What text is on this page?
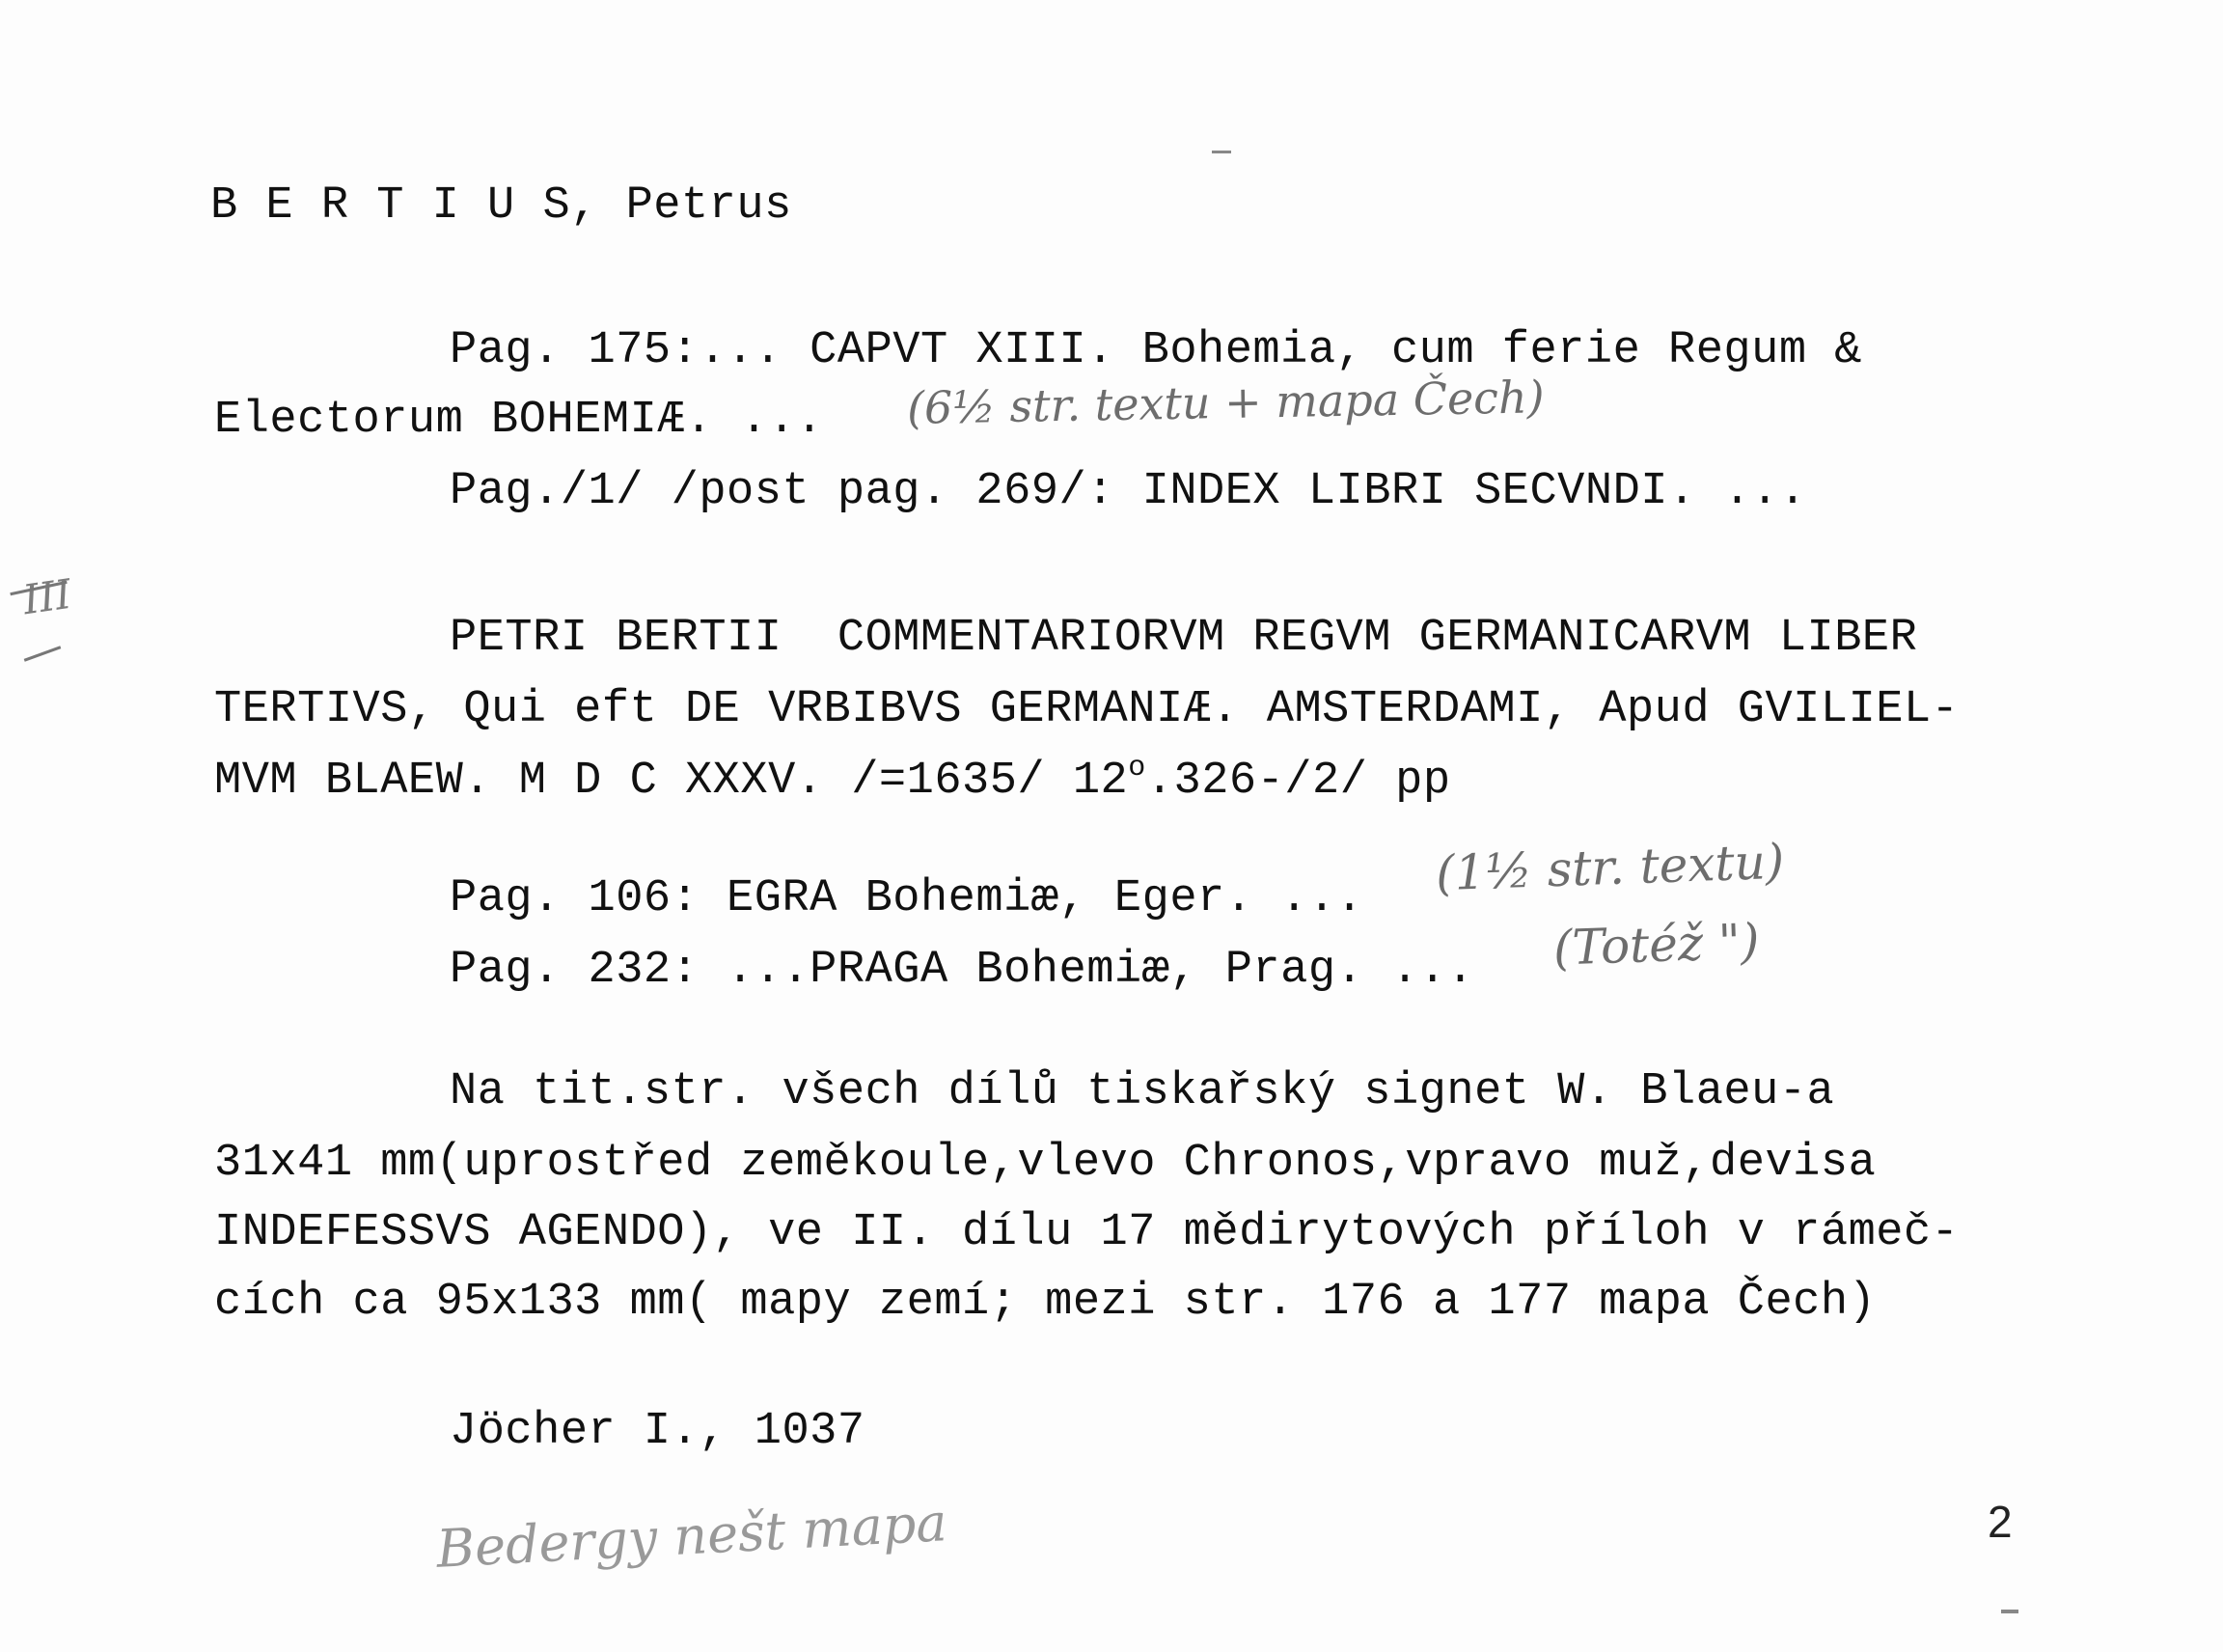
B E R T I U S, Petrus
Pag. 175:... CAPVT XIII. Bohemia, cum ferie Regum &
Electorum BOHEMIÆ. ...
Pag./1/ /post pag. 269/: INDEX LIBRI SECVNDI. ...
PETRI BERTII  COMMENTARIORVM REGVM GERMANICARVM LIBER
TERTIVS, Qui eft DE VRBIBVS GERMANIÆ. AMSTERDAMI, Apud GVILIEL-
MVM BLAEW. M D C XXXV. /=1635/ 12$^o$.326-/2/ pp
Pag. 106: EGRA Bohemiæ, Eger. ...
Pag. 232: ...PRAGA Bohemiæ, Prag. ...
Na tit.str. všech dílů tiskařský signet W. Blaeu-a
31x41 mm(uprostřed zeměkoule,vlevo Chronos,vpravo muž,devisa
INDEFESSVS AGENDO), ve II. dílu 17 mědirytových příloh v rámeč-
cích ca 95x133 mm( mapy zemí; mezi str. 176 a 177 mapa Čech)
Jöcher I., 1037
(6½ str. textu + mapa Čech)
(1½ str. textu)
(Totéž ")
Bedergy nešt mapa
III
2
